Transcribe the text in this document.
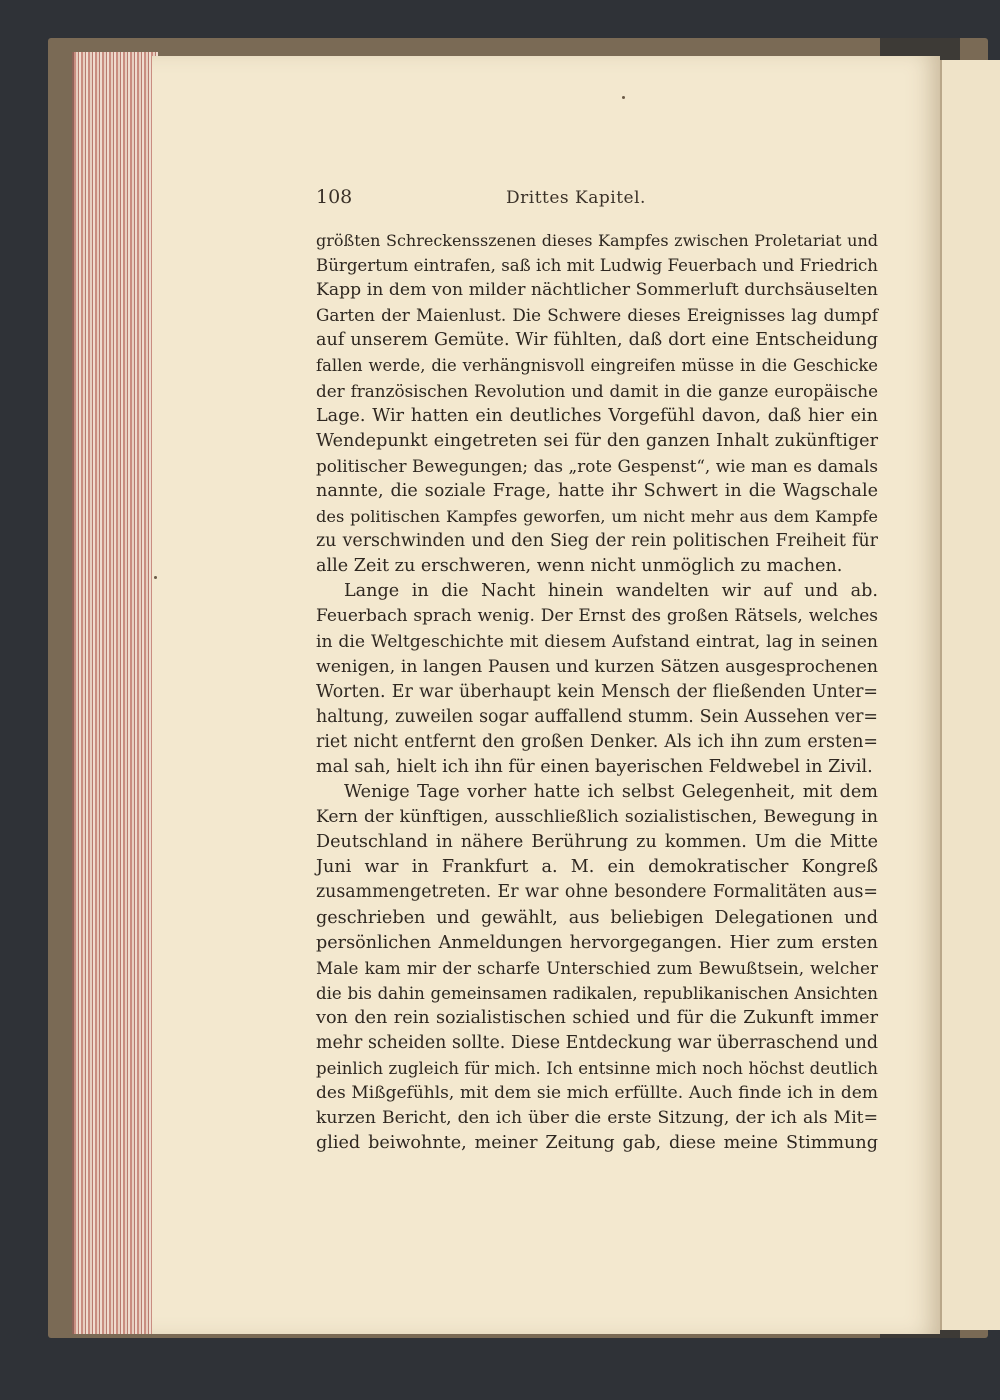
108	Drittes Kapitel.
größten Schreckensszenen dieses Kampfes zwischen Proletariat und
Bürgertum eintrafen, saß ich mit Ludwig Feuerbach und Friedrich
Kapp in dem von milder nächtlicher Sommerluft durchsäuselten
Garten der Maienlust. Die Schwere dieses Ereignisses lag dumpf
auf unserem Gemüte. Wir fühlten, daß dort eine Entscheidung
fallen werde, die verhängnisvoll eingreifen müsse in die Geschicke
der französischen Revolution und damit in die ganze europäische
Lage. Wir hatten ein deutliches Vorgefühl davon, daß hier ein
Wendepunkt eingetreten sei für den ganzen Inhalt zukünftiger
politischer Bewegungen; das „rote Gespenst“, wie man es damals
nannte, die soziale Frage, hatte ihr Schwert in die Wagschale
des politischen Kampfes geworfen, um nicht mehr aus dem Kampfe
zu verschwinden und den Sieg der rein politischen Freiheit für
alle Zeit zu erschweren, wenn nicht unmöglich zu machen.
Lange in die Nacht hinein wandelten wir auf und ab.
Feuerbach sprach wenig. Der Ernst des großen Rätsels, welches
in die Weltgeschichte mit diesem Aufstand eintrat, lag in seinen
wenigen, in langen Pausen und kurzen Sätzen ausgesprochenen
Worten. Er war überhaupt kein Mensch der fließenden Unter=
haltung, zuweilen sogar auffallend stumm. Sein Aussehen ver=
riet nicht entfernt den großen Denker. Als ich ihn zum ersten=
mal sah, hielt ich ihn für einen bayerischen Feldwebel in Zivil.
Wenige Tage vorher hatte ich selbst Gelegenheit, mit dem
Kern der künftigen, ausschließlich sozialistischen, Bewegung in
Deutschland in nähere Berührung zu kommen. Um die Mitte
Juni war in Frankfurt a. M. ein demokratischer Kongreß
zusammengetreten. Er war ohne besondere Formalitäten aus=
geschrieben und gewählt, aus beliebigen Delegationen und
persönlichen Anmeldungen hervorgegangen. Hier zum ersten
Male kam mir der scharfe Unterschied zum Bewußtsein, welcher
die bis dahin gemeinsamen radikalen, republikanischen Ansichten
von den rein sozialistischen schied und für die Zukunft immer
mehr scheiden sollte. Diese Entdeckung war überraschend und
peinlich zugleich für mich. Ich entsinne mich noch höchst deutlich
des Mißgefühls, mit dem sie mich erfüllte. Auch finde ich in dem
kurzen Bericht, den ich über die erste Sitzung, der ich als Mit=
glied beiwohnte, meiner Zeitung gab, diese meine Stimmung
